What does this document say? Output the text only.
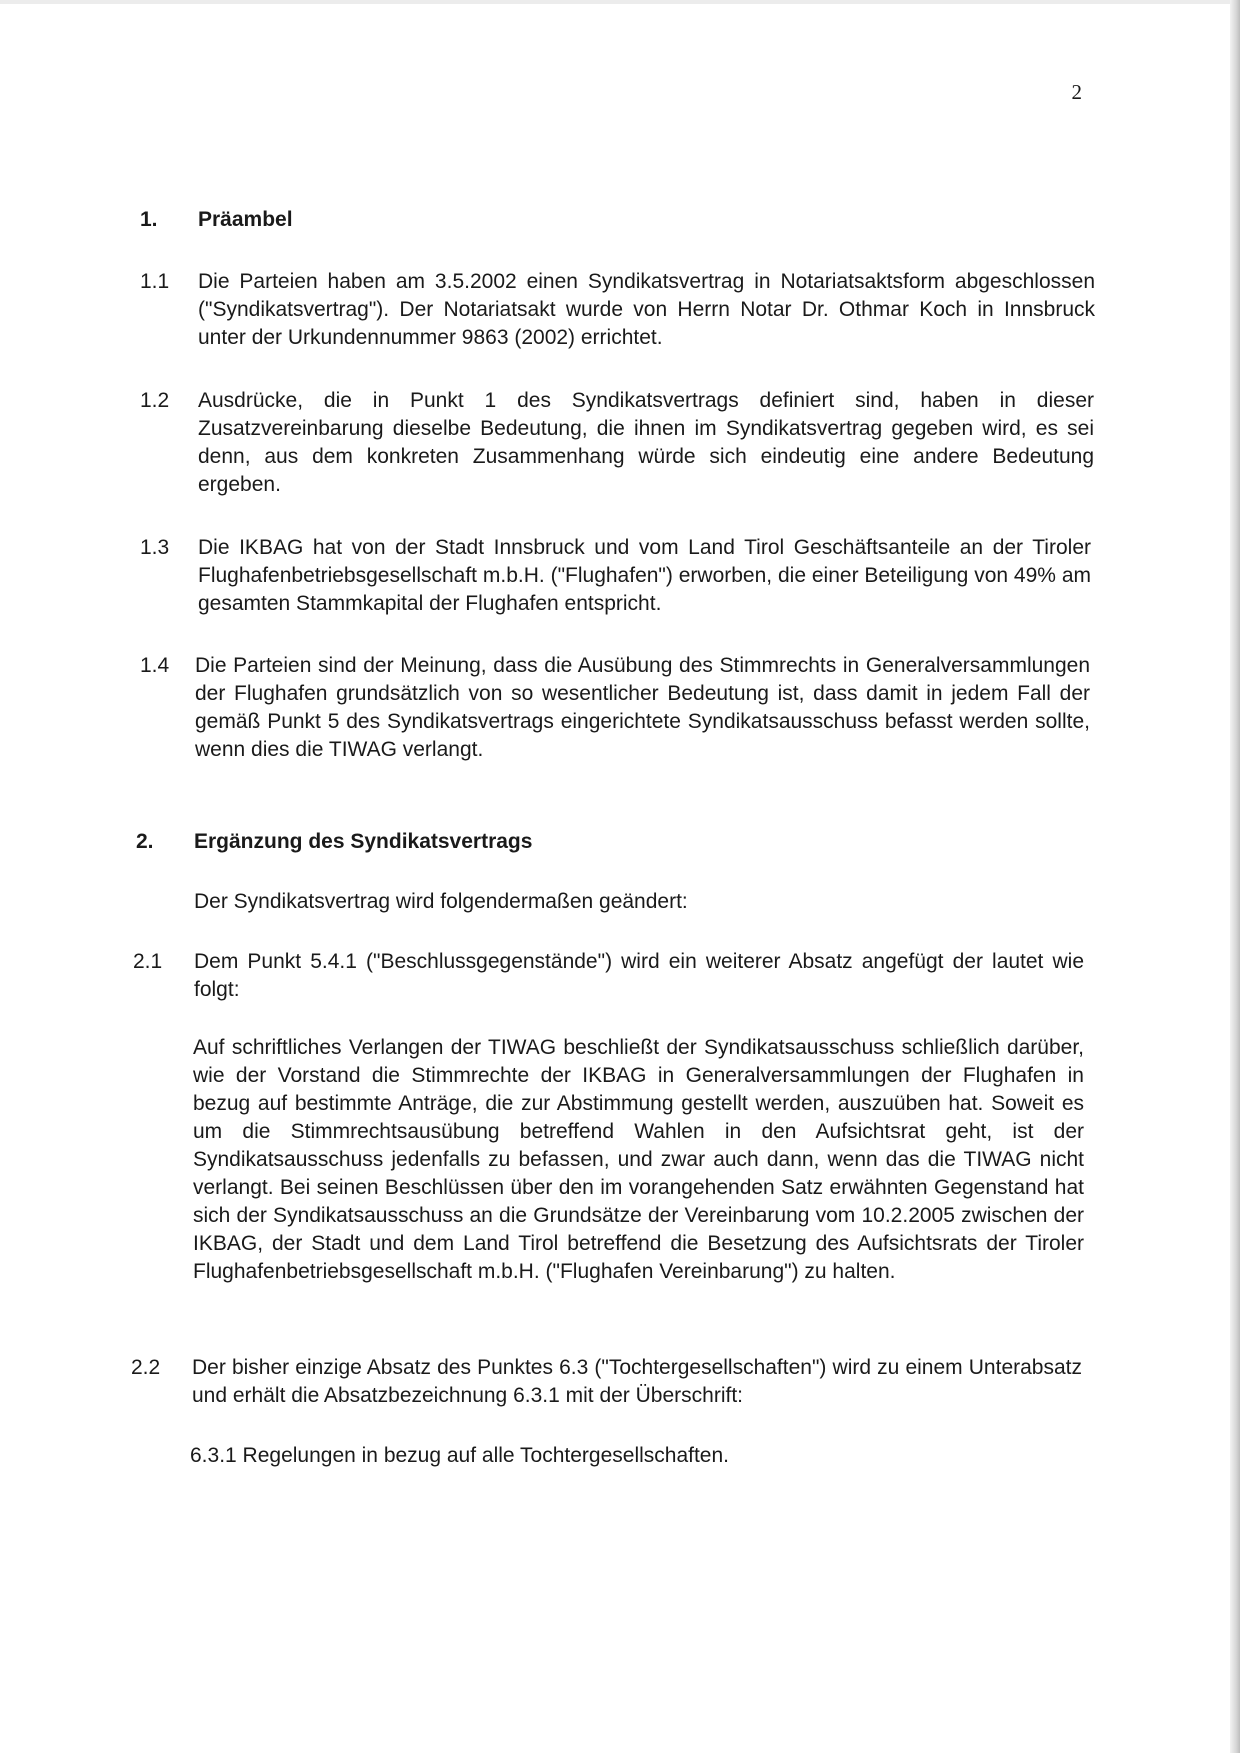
2
1. Präambel
1.1 Die Parteien haben am 3.5.2002 einen Syndikatsvertrag in Notariatsaktsform abgeschlossen ("Syndikatsvertrag"). Der Notariatsakt wurde von Herrn Notar Dr. Othmar Koch in Innsbruck unter der Urkundennummer 9863 (2002) errichtet.
1.2 Ausdrücke, die in Punkt 1 des Syndikatsvertrags definiert sind, haben in dieser Zusatzvereinbarung dieselbe Bedeutung, die ihnen im Syndikatsvertrag gegeben wird, es sei denn, aus dem konkreten Zusammenhang würde sich eindeutig eine andere Bedeutung ergeben.
1.3 Die IKBAG hat von der Stadt Innsbruck und vom Land Tirol Geschäftsanteile an der Tiroler Flughafenbetriebsgesellschaft m.b.H. ("Flughafen") erworben, die einer Beteiligung von 49% am gesamten Stammkapital der Flughafen entspricht.
1.4 Die Parteien sind der Meinung, dass die Ausübung des Stimmrechts in Generalversammlungen der Flughafen grundsätzlich von so wesentlicher Bedeutung ist, dass damit in jedem Fall der gemäß Punkt 5 des Syndikatsvertrags eingerichtete Syndikatsausschuss befasst werden sollte, wenn dies die TIWAG verlangt.
2. Ergänzung des Syndikatsvertrags
Der Syndikatsvertrag wird folgendermaßen geändert:
2.1 Dem Punkt 5.4.1 ("Beschlussgegenstände") wird ein weiterer Absatz angefügt der lautet wie folgt:
Auf schriftliches Verlangen der TIWAG beschließt der Syndikatsausschuss schließlich darüber, wie der Vorstand die Stimmrechte der IKBAG in Generalversammlungen der Flughafen in bezug auf bestimmte Anträge, die zur Abstimmung gestellt werden, auszuüben hat. Soweit es um die Stimmrechtsausübung betreffend Wahlen in den Aufsichtsrat geht, ist der Syndikatsausschuss jedenfalls zu befassen, und zwar auch dann, wenn das die TIWAG nicht verlangt. Bei seinen Beschlüssen über den im vorangehenden Satz erwähnten Gegenstand hat sich der Syndikatsausschuss an die Grundsätze der Vereinbarung vom 10.2.2005 zwischen der IKBAG, der Stadt und dem Land Tirol betreffend die Besetzung des Aufsichtsrats der Tiroler Flughafenbetriebsgesellschaft m.b.H. ("Flughafen Vereinbarung") zu halten.
2.2 Der bisher einzige Absatz des Punktes 6.3 ("Tochtergesellschaften") wird zu einem Unterabsatz und erhält die Absatzbezeichnung 6.3.1 mit der Überschrift:
6.3.1 Regelungen in bezug auf alle Tochtergesellschaften.
